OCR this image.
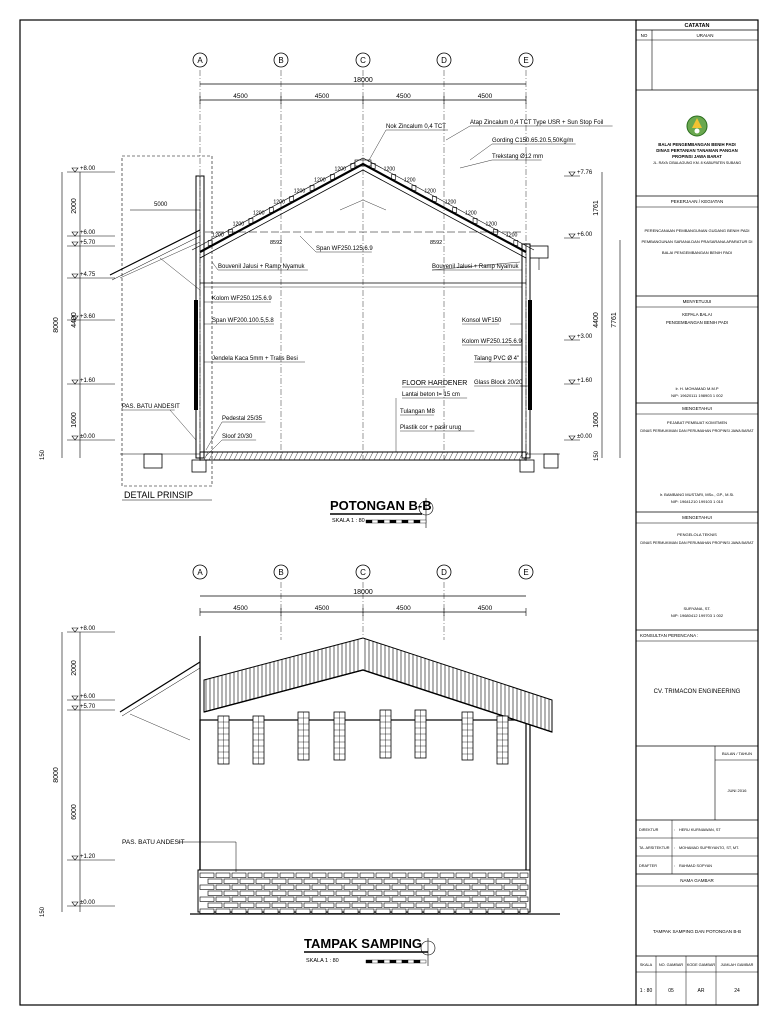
A	B	C	D	E
18000
4500	4500	4500	4500
DETAIL PRINSIP
5000
1200	1200
1200	1200
1200	1200
1200	1200
1200	1200
1200	1200
1200	1200
8592	8592
+8.00
+6.00
+5.70
+4.75
+3.60
+1.60
±0.00
+7.76
+6.00
+3.00
+1.60
±0.00
8000
2000
4400
1600
150
1761
4400
1600
150
7761
Nok Zincalum 0,4 TCT
Atap Zincalum 0,4 TCT Type USR + Sun Stop Foil
Gording C150.65.20.5,50Kg/m
Trekstang Ø12 mm
Span WF250.125.6.9
Bouvenil Jalusi + Ramp Nyamuk	Bouvenil Jalusi + Ramp Nyamuk
Kolom WF250.125.6.9
Span WF200.100.5,5.8
Jendela Kaca 5mm + Tralis Besi
PAS. BATU ANDESIT
Pedestal 25/35
Sloof 20/30
FLOOR HARDENER
Lantai beton t= 15 cm
Tulangan M8
Plastik cor + pasir urug
Konsol WF150
Kolom WF250.125.6.9
Talang PVC Ø 4"
Glass Block 20/20
POTONGAN B-B
SKALA 1 : 80
A	B	C	D	E
18000
4500	4500	4500	4500
+8.00
+6.00
+5.70
+1.20
±0.00
8000
2000
6000
150
PAS. BATU ANDESIT
TAMPAK SAMPING
SKALA 1 : 80
CATATAN
NO	URAIAN
BALAI PENGEMBANGAN BENIH PADI
DINAS PERTANIAN TANAMAN PANGAN
PROPINSI JAWA BARAT
JL. RAYA CIBALAGUNG KM. 8 KABUPATEN SUBANG
PEKERJAAN / KEGIATAN
PERENCANAAN PEMBANGUNAN GUDANG BENIH PADI
PEMBANGUNAN SARANA DAN PRASARANA APARATUR DI
BALAI PENGEMBANGAN BENIH PADI
MENYETUJUI
KEPALA BALAI
PENGEMBANGAN BENIH PADI
Ir. H. MOHAMAD M.M.P
NIP: 19620111 198903 1 002
MENGETAHUI
PEJABAT PEMBUAT KOMITMEN
DINAS PERMUKIMAN DAN PERUMAHAN PROPINSI JAWA BARAT
Ir. BAMBANG MUSTARI, MSc., GP., M.Si.
NIP: 19641210 199103 1 010
MENGETAHUI
PENGELOLA TEKNIS
DINAS PERMUKIMAN DAN PERUMAHAN PROPINSI JAWA BARAT
SURYANA, ST.
NIP: 19680412 199703 1 002
KONSULTAN PERENCANA :
CV. TRIMACON ENGINEERING
BULAN / TAHUN
JUNI 2016
DIREKTUR	: HERU KURNIAWAN, ST
TA. ARSITEKTUR : MOHAMAD SUPRIYANTO, ST, MT.
DRAFTER	: RAHMAD SOPYAN
NAMA GAMBAR
TAMPAK SAMPING DAN POTONGAN B-B
SKALA NO. GAMBAR KODE GAMBAR JUMLAH GAMBAR
1 : 80	05	AR	24
